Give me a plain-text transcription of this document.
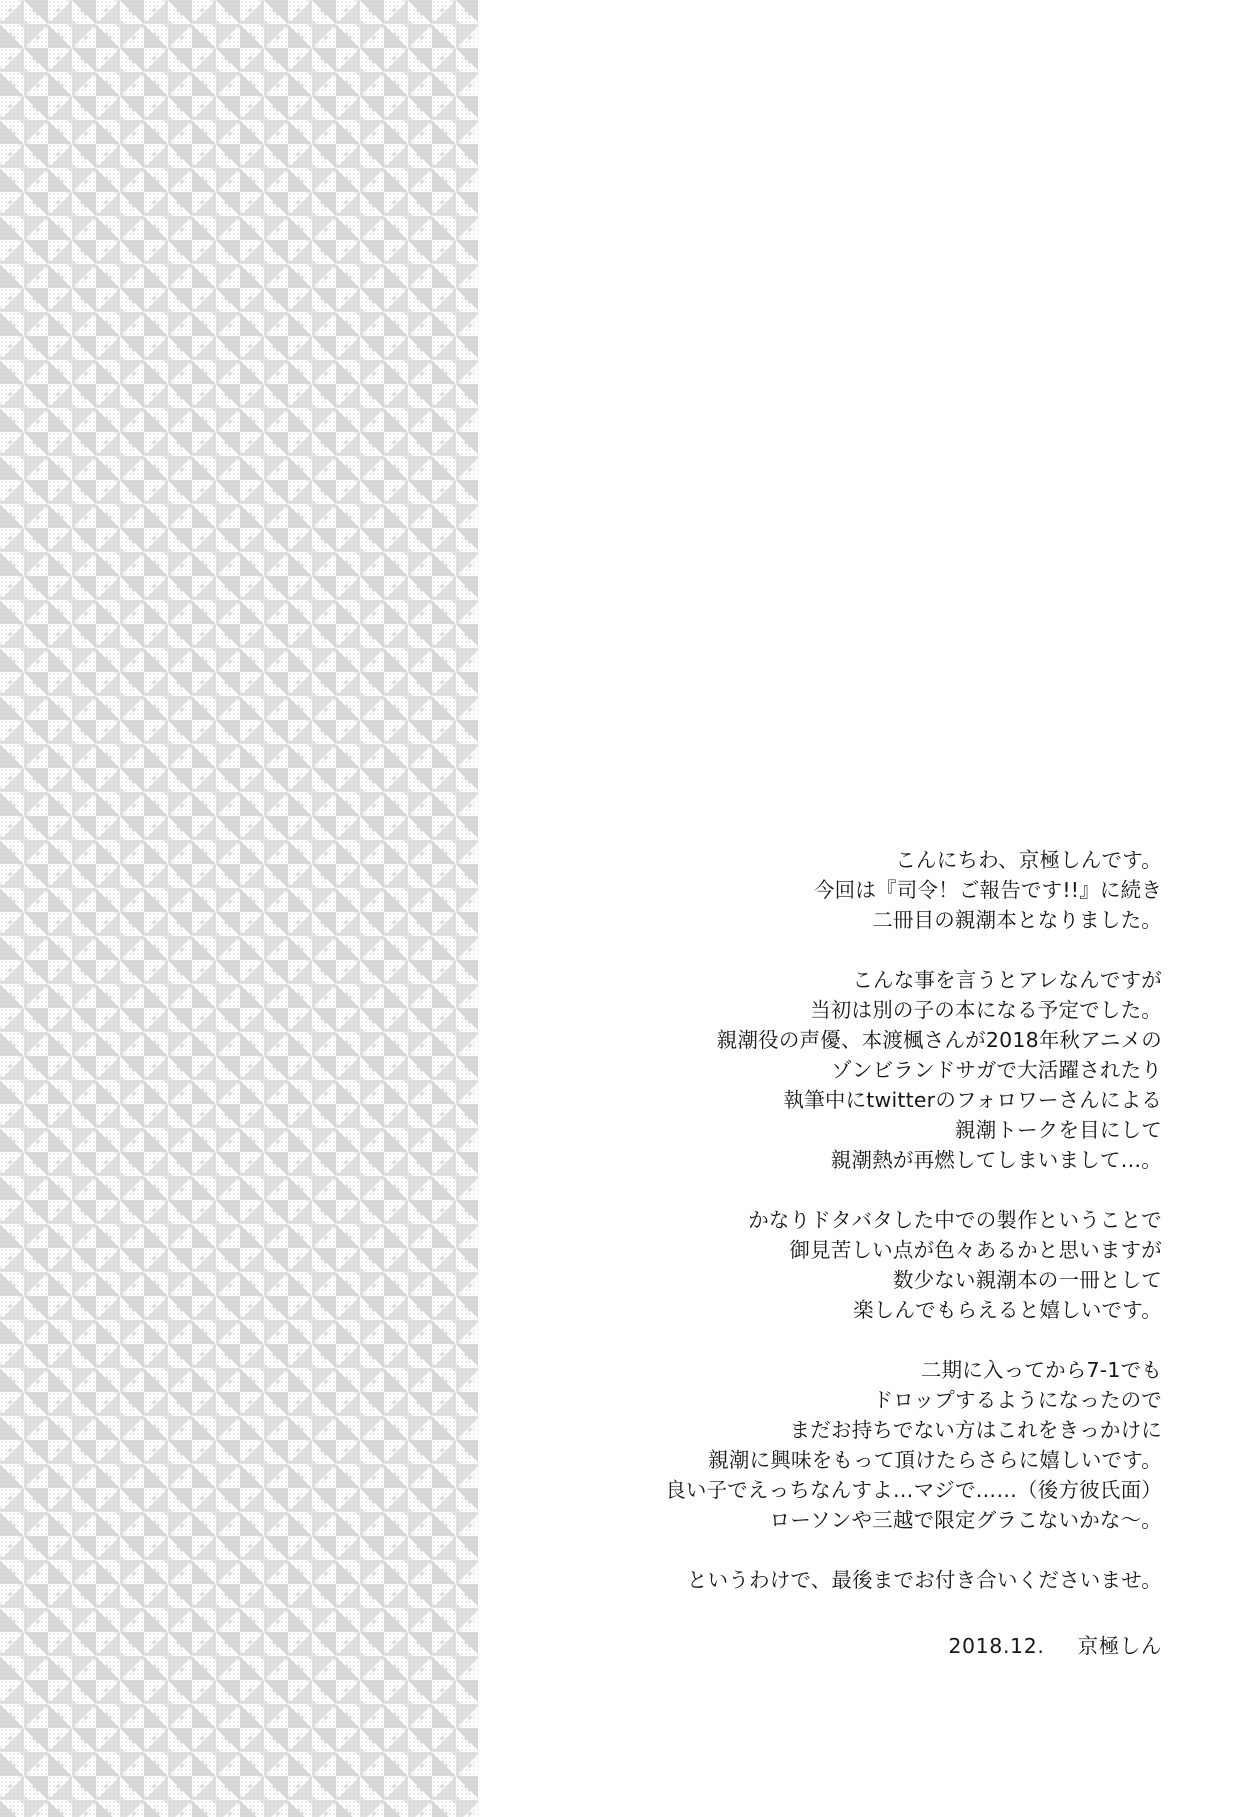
こんにちわ、京極しんです。
今回は『司令！ご報告です!!』に続き
二冊目の親潮本となりました。

こんな事を言うとアレなんですが
当初は別の子の本になる予定でした。
親潮役の声優、本渡楓さんが2018年秋アニメの
ゾンビランドサガで大活躍されたり
執筆中にtwitterのフォロワーさんによる
親潮トークを目にして
親潮熱が再燃してしまいまして…。

かなりドタバタした中での製作ということで
御見苦しい点が色々あるかと思いますが
数少ない親潮本の一冊として
楽しんでもらえると嬉しいです。

二期に入ってから7-1でも
ドロップするようになったので
まだお持ちでない方はこれをきっかけに
親潮に興味をもって頂けたらさらに嬉しいです。
良い子でえっちなんすよ…マジで……（後方彼氏面）
ローソンや三越で限定グラこないかな〜。

というわけで、最後までお付き合いくださいませ。

2018.12. 京極しん
